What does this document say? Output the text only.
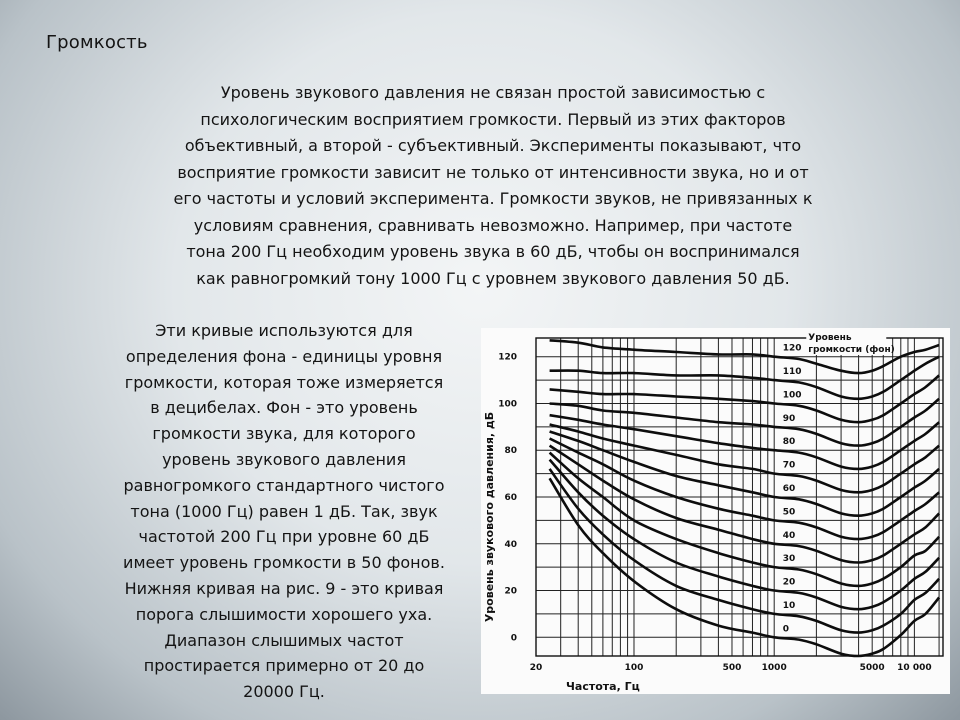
Громкость

Уровень звукового давления не связан простой зависимостью с

психологическим восприятием громкости. Первый из этих факторов

объективный, а второй - субъективный. Эксперименты показывают, что

восприятие громкости зависит не только от интенсивности звука, но и от

его частоты и условий эксперимента. Громкости звуков, не привязанных к

условиям сравнения, сравнивать невозможно. Например, при частоте

тона 200 Гц необходим уровень звука в 60 дБ, чтобы он воспринимался

как равногромкий тону 1000 Гц с уровнем звукового давления 50 дБ.

Эти кривые используются для

определения фона - единицы уровня

громкости, которая тоже измеряется

в децибелах. Фон - это уровень

громкости звука, для которого

уровень звукового давления

равногромкого стандартного чистого

тона (1000 Гц) равен 1 дБ. Так, звук

частотой 200 Гц при уровне 60 дБ

имеет уровень громкости в 50 фонов.

Нижняя кривая на рис. 9 - это кривая

порога слышимости хорошего уха.

Диапазон слышимых частот

простирается примерно от 20 до

20000 Гц.

0
10
20
30
40
50
60
70
80
90
100
110
120
Уровень
громкости (фон)
0
20
40
60
80
100
120
20	100	500 1000	5000 10 000
Частота, Гц
Уровень звукового давления, дБ
